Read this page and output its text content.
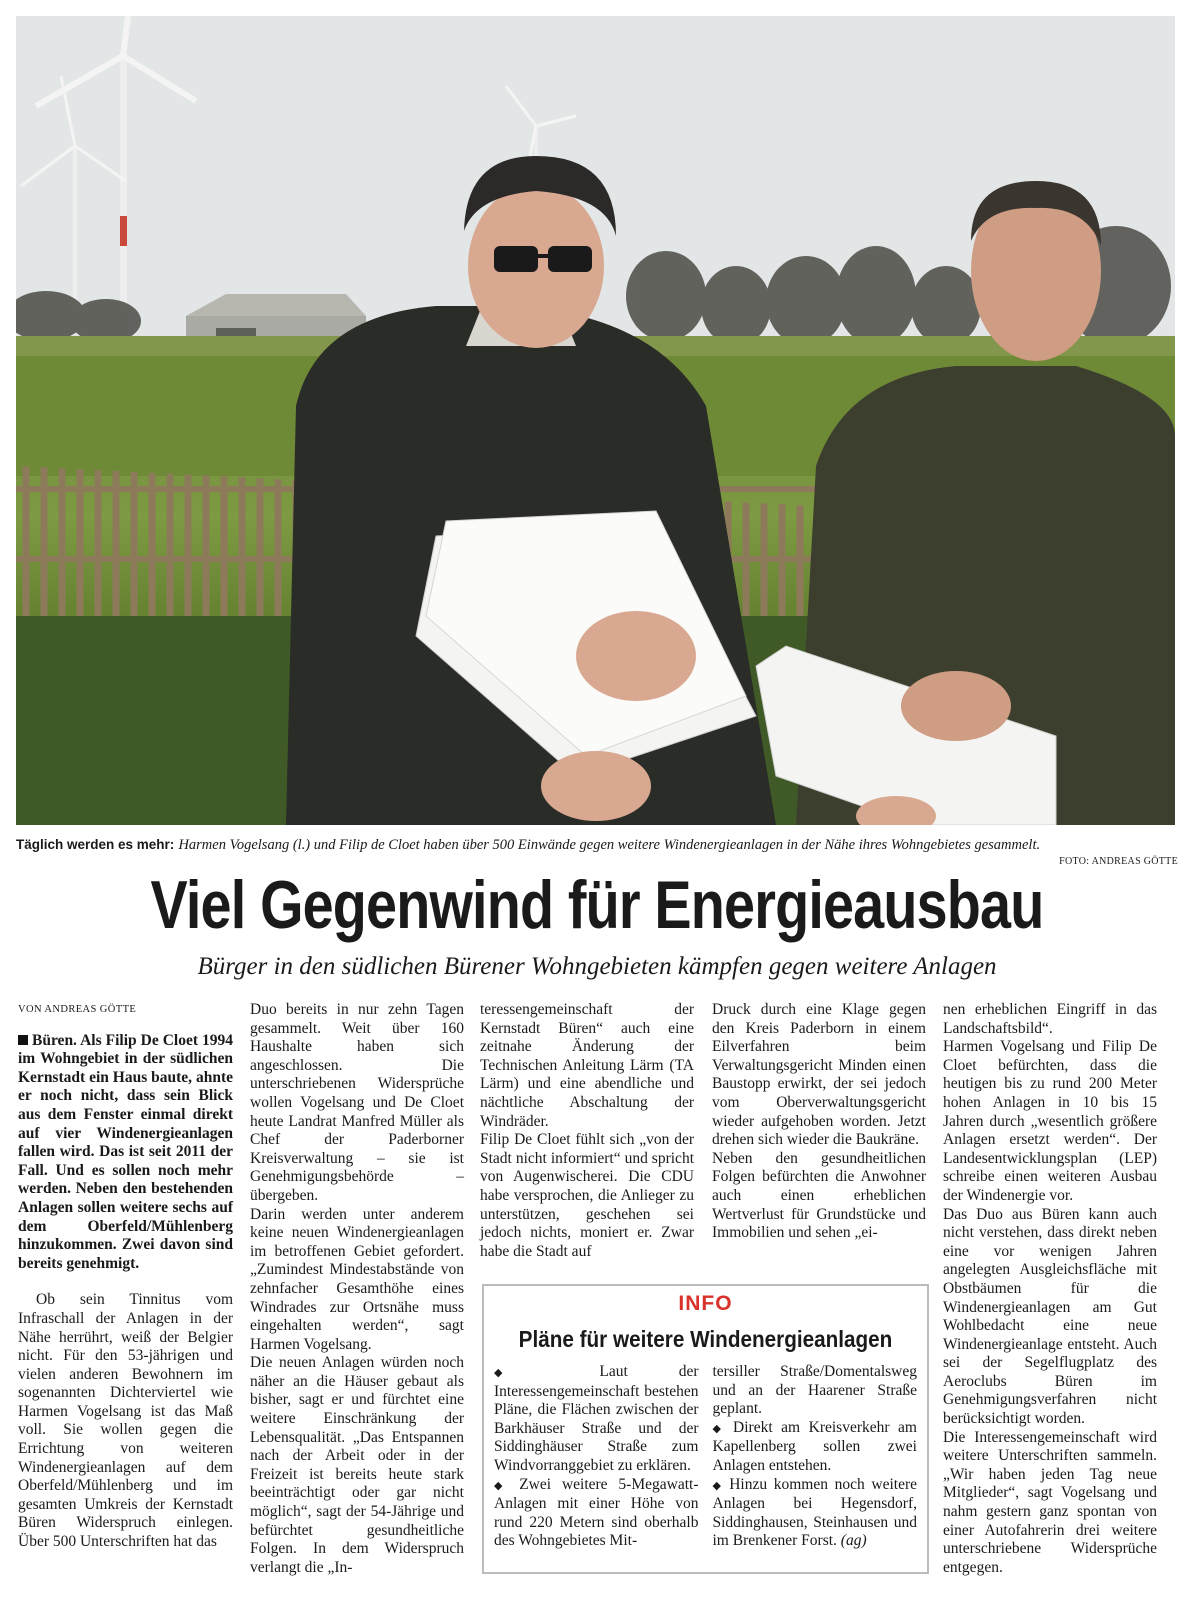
Täglich werden es mehr: Harmen Vogelsang (l.) und Filip de Cloet haben über 500 Einwände gegen weitere Windenergieanlagen in der Nähe ihres Wohngebietes gesammelt.
FOTO: ANDREAS GÖTTE
Viel Gegenwind für Energieausbau
Bürger in den südlichen Bürener Wohngebieten kämpfen gegen weitere Anlagen
VON ANDREAS GÖTTE

Büren. Als Filip De Cloet 1994 im Wohngebiet in der südlichen Kernstadt ein Haus baute, ahnte er noch nicht, dass sein Blick aus dem Fenster einmal direkt auf vier Windenergieanlagen fallen wird. Das ist seit 2011 der Fall. Und es sollen noch mehr werden. Neben den bestehenden Anlagen sollen weitere sechs auf dem Oberfeld/Mühlenberg hinzukommen. Zwei davon sind bereits genehmigt.

Ob sein Tinnitus vom Infraschall der Anlagen in der Nähe herrührt, weiß der Belgier nicht. Für den 53-jährigen und vielen anderen Bewohnern im sogenannten Dichterviertel wie Harmen Vogelsang ist das Maß voll. Sie wollen gegen die Errichtung von weiteren Windenergieanlagen auf dem Oberfeld/Mühlenberg und im gesamten Umkreis der Kernstadt Büren Widerspruch einlegen. Über 500 Unterschriften hat das

Duo bereits in nur zehn Tagen gesammelt. Weit über 160 Haushalte haben sich angeschlossen. Die unterschriebenen Widersprüche wollen Vogelsang und De Cloet heute Landrat Manfred Müller als Chef der Paderborner Kreisverwaltung – sie ist Genehmigungsbehörde – übergeben.

Darin werden unter anderem keine neuen Windenergieanlagen im betroffenen Gebiet gefordert. „Zumindest Mindestabstände von zehnfacher Gesamthöhe eines Windrades zur Ortsnähe muss eingehalten werden“, sagt Harmen Vogelsang.

Die neuen Anlagen würden noch näher an die Häuser gebaut als bisher, sagt er und fürchtet eine weitere Einschränkung der Lebensqualität. „Das Entspannen nach der Arbeit oder in der Freizeit ist bereits heute stark beeinträchtigt oder gar nicht möglich“, sagt der 54-Jährige und befürchtet gesundheitliche Folgen. In dem Widerspruch verlangt die „In-

teressengemeinschaft der Kernstadt Büren“ auch eine zeitnahe Änderung der Technischen Anleitung Lärm (TA Lärm) und eine abendliche und nächtliche Abschaltung der Windräder.

Filip De Cloet fühlt sich „von der Stadt nicht informiert“ und spricht von Augenwischerei. Die CDU habe versprochen, die Anlieger zu unterstützen, geschehen sei jedoch nichts, moniert er. Zwar habe die Stadt auf

Druck durch eine Klage gegen den Kreis Paderborn in einem Eilverfahren beim Verwaltungsgericht Minden einen Baustopp erwirkt, der sei jedoch vom Oberverwaltungsgericht wieder aufgehoben worden. Jetzt drehen sich wieder die Baukräne.

Neben den gesundheitlichen Folgen befürchten die Anwohner auch einen erheblichen Wertverlust für Grundstücke und Immobilien und sehen „ei-

nen erheblichen Eingriff in das Landschaftsbild“.

Harmen Vogelsang und Filip De Cloet befürchten, dass die heutigen bis zu rund 200 Meter hohen Anlagen in 10 bis 15 Jahren durch „wesentlich größere Anlagen ersetzt werden“. Der Landesentwicklungsplan (LEP) schreibe einen weiteren Ausbau der Windenergie vor.

Das Duo aus Büren kann auch nicht verstehen, dass direkt neben eine vor wenigen Jahren angelegten Ausgleichsfläche mit Obstbäumen für die Windenergieanlagen am Gut Wohlbedacht eine neue Windenergieanlage entsteht. Auch sei der Segelflugplatz des Aeroclubs Büren im Genehmigungsverfahren nicht berücksichtigt worden.

Die Interessengemeinschaft wird weitere Unterschriften sammeln. „Wir haben jeden Tag neue Mitglieder“, sagt Vogelsang und nahm gestern ganz spontan von einer Autofahrerin drei weitere unterschriebene Widersprüche entgegen.

INFO
Pläne für weitere Windenergieanlagen

◆ Laut der Interessengemeinschaft bestehen Pläne, die Flächen zwischen der Barkhäuser Straße und der Siddinghäuser Straße zum Windvorranggebiet zu erklären.

◆ Zwei weitere 5-Megawatt-Anlagen mit einer Höhe von rund 220 Metern sind oberhalb des Wohngebietes Mit-

tersiller Straße/Domentalsweg und an der Haarener Straße geplant.

◆ Direkt am Kreisverkehr am Kapellenberg sollen zwei Anlagen entstehen.

◆ Hinzu kommen noch weitere Anlagen bei Hegensdorf, Siddinghausen, Steinhausen und im Brenkener Forst. (ag)
